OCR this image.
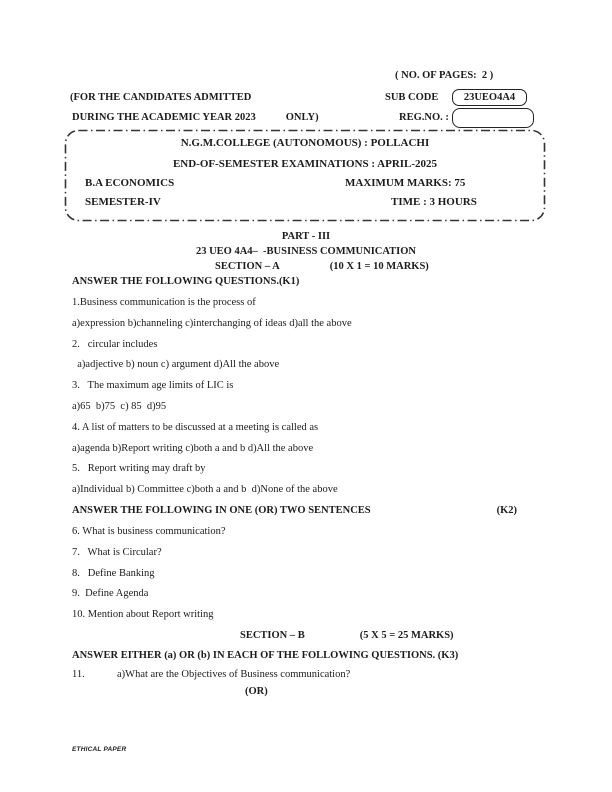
( NO. OF PAGES:  2 )
(FOR THE CANDIDATES ADMITTED	SUB CODE 23UEO4A4
DURING THE ACADEMIC YEAR 2023	ONLY)	REG.NO. :
N.G.M.COLLEGE (AUTONOMOUS) : POLLACHI
END-OF-SEMESTER EXAMINATIONS : APRIL-2025
B.A ECONOMICS	MAXIMUM MARKS: 75
SEMESTER-IV	TIME : 3 HOURS
PART - III
23 UEO 4A4–  -BUSINESS COMMUNICATION
SECTION – A	(10 X 1 = 10 MARKS)
ANSWER THE FOLLOWING QUESTIONS.(K1)
1.Business communication is the process of
a)expression b)channeling c)interchanging of ideas d)all the above
2.   circular includes
a)adjective b) noun c) argument d)All the above
3.   The maximum age limits of LIC is
a)65  b)75  c) 85  d)95
4. A list of matters to be discussed at a meeting is called as
a)agenda b)Report writing c)both a and b d)All the above
5.   Report writing may draft by
a)Individual b) Committee c)both a and b  d)None of the above
ANSWER THE FOLLOWING IN ONE (OR) TWO SENTENCES	(K2)
6. What is business communication?
7.   What is Circular?
8.   Define Banking
9.  Define Agenda
10. Mention about Report writing
SECTION – B	(5 X 5 = 25 MARKS)
ANSWER EITHER (a) OR (b) IN EACH OF THE FOLLOWING QUESTIONS. (K3)
11.	a)What are the Objectives of Business communication?
(OR)
ETHICAL PAPER
